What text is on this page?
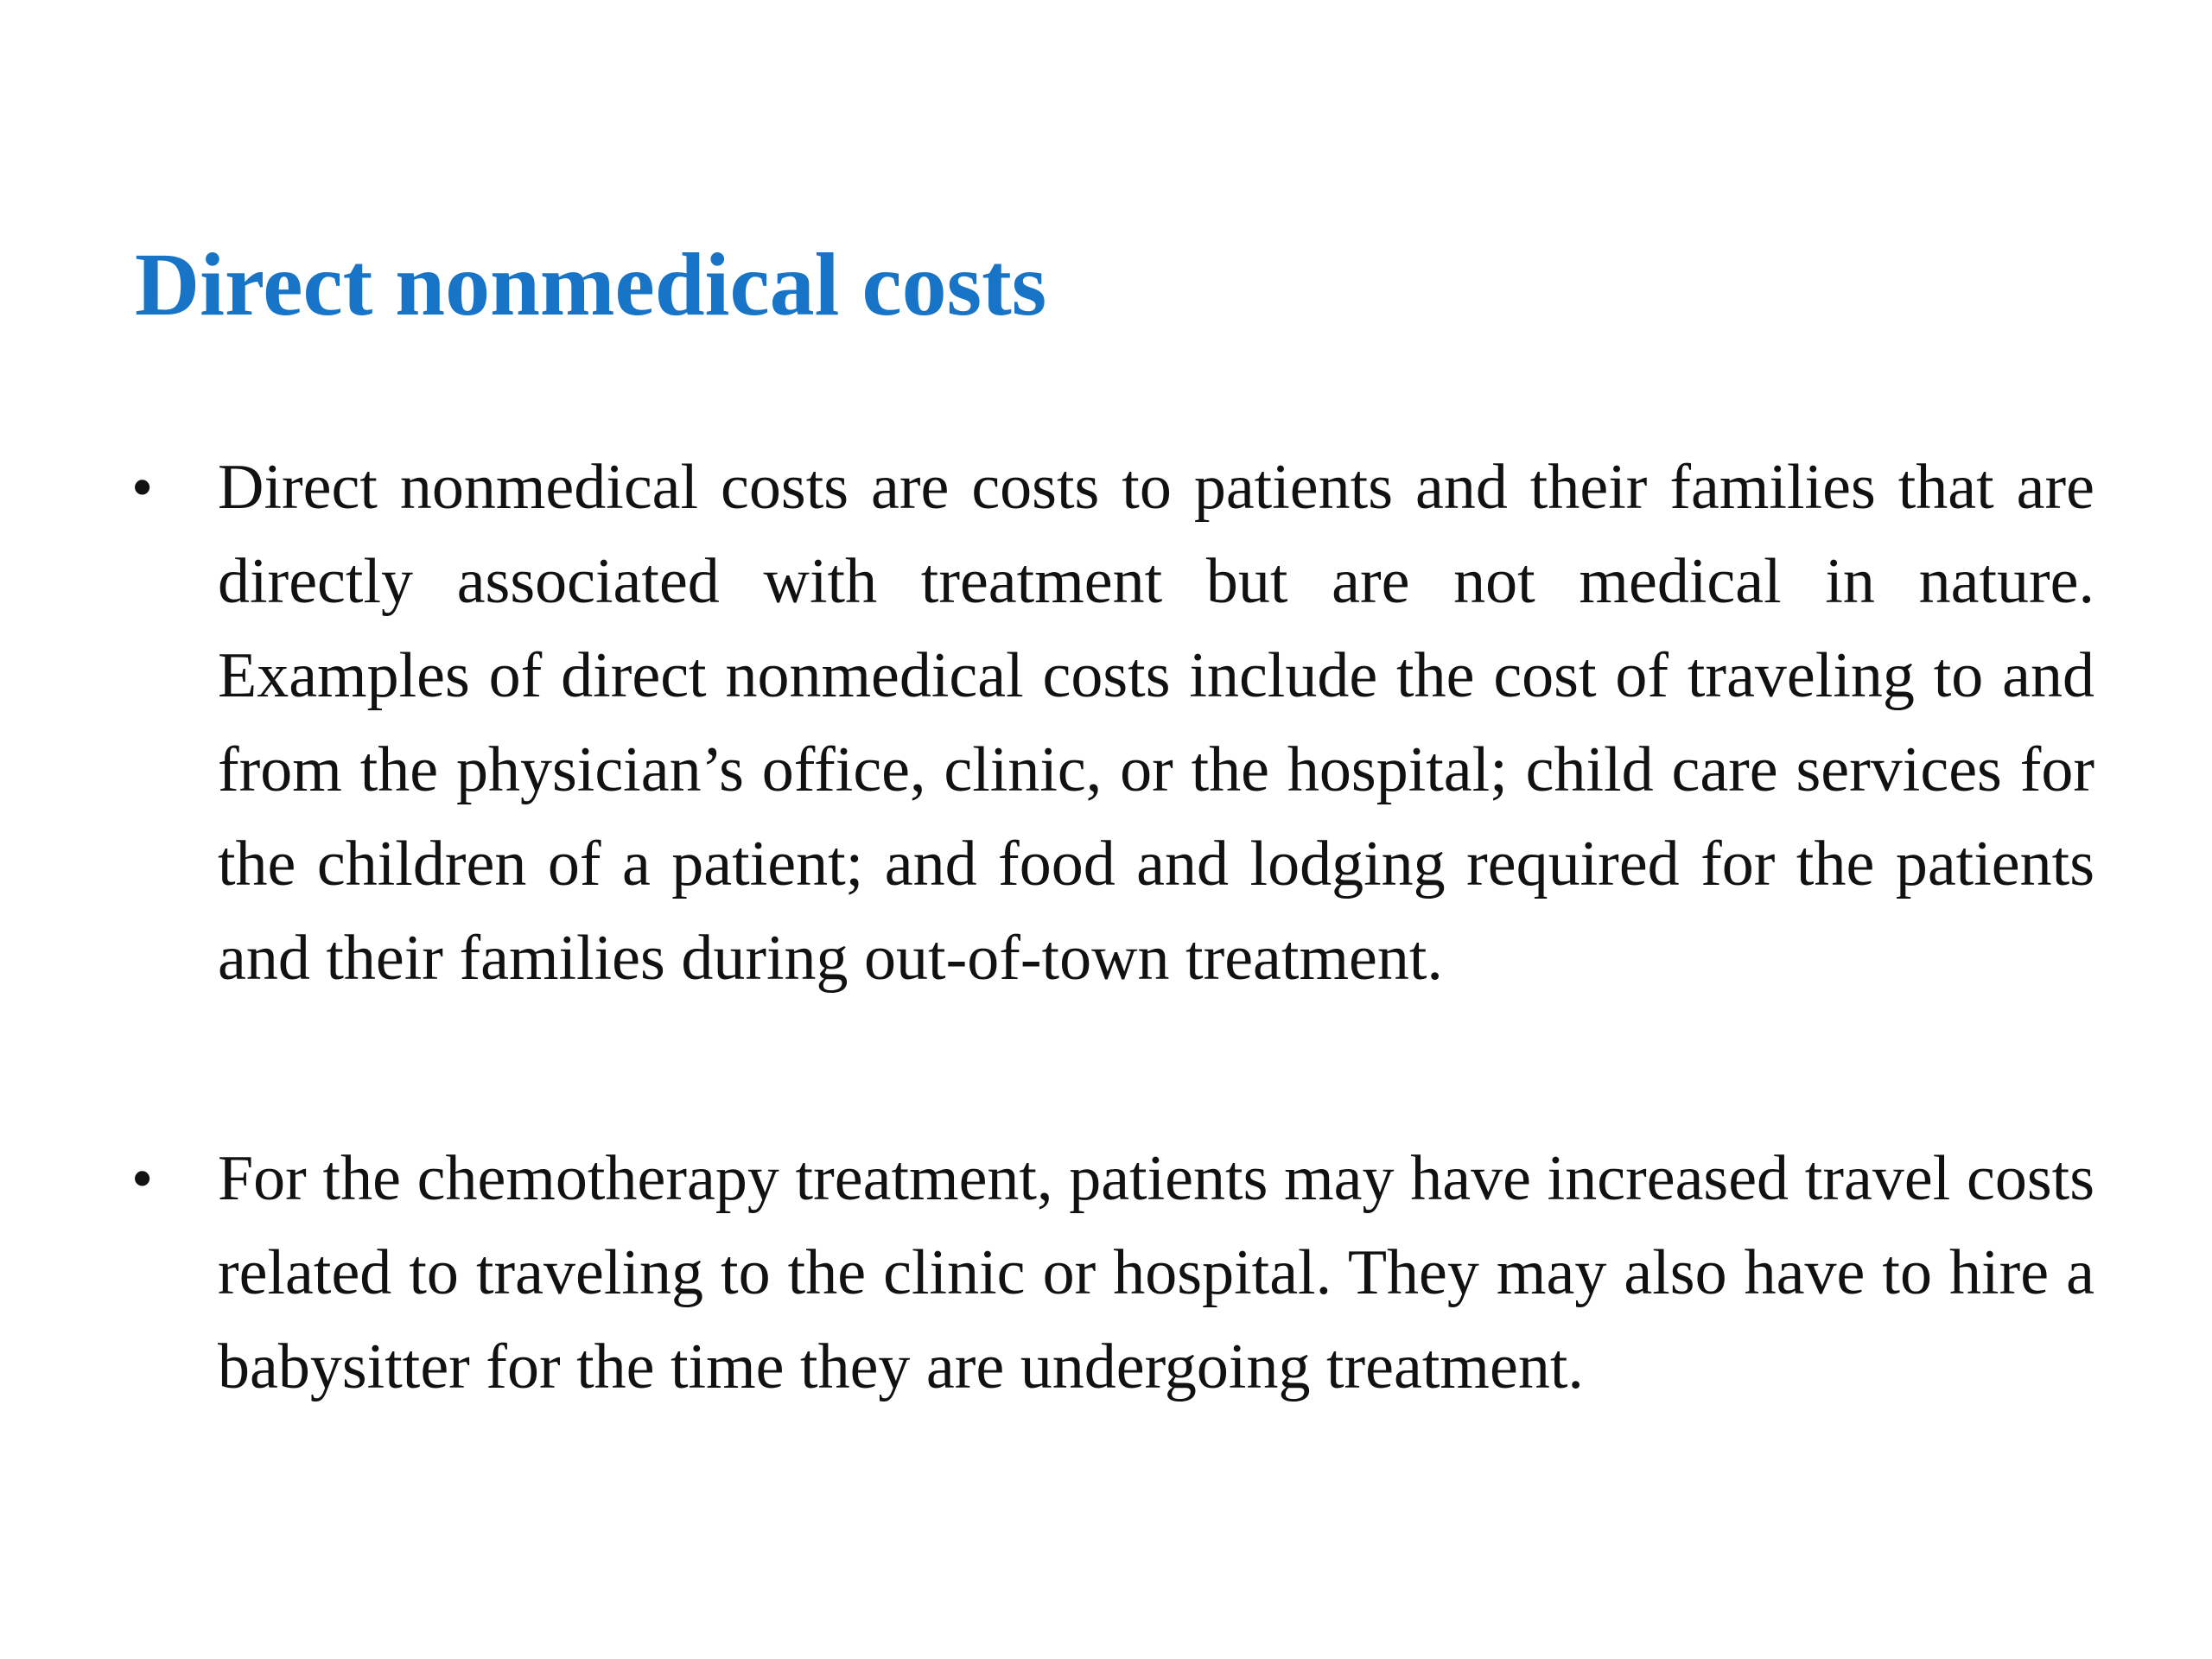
Direct nonmedical costs
• Direct nonmedical costs are costs to patients and their families that are directly associated with treatment but are not medical in nature. Examples of direct nonmedical costs include the cost of traveling to and from the physician’s office, clinic, or the hospital; child care services for the children of a patient; and food and lodging required for the patients and their families during out-of-town treatment.

• For the chemotherapy treatment, patients may have increased travel costs related to traveling to the clinic or hospital. They may also have to hire a babysitter for the time they are undergoing treatment.
